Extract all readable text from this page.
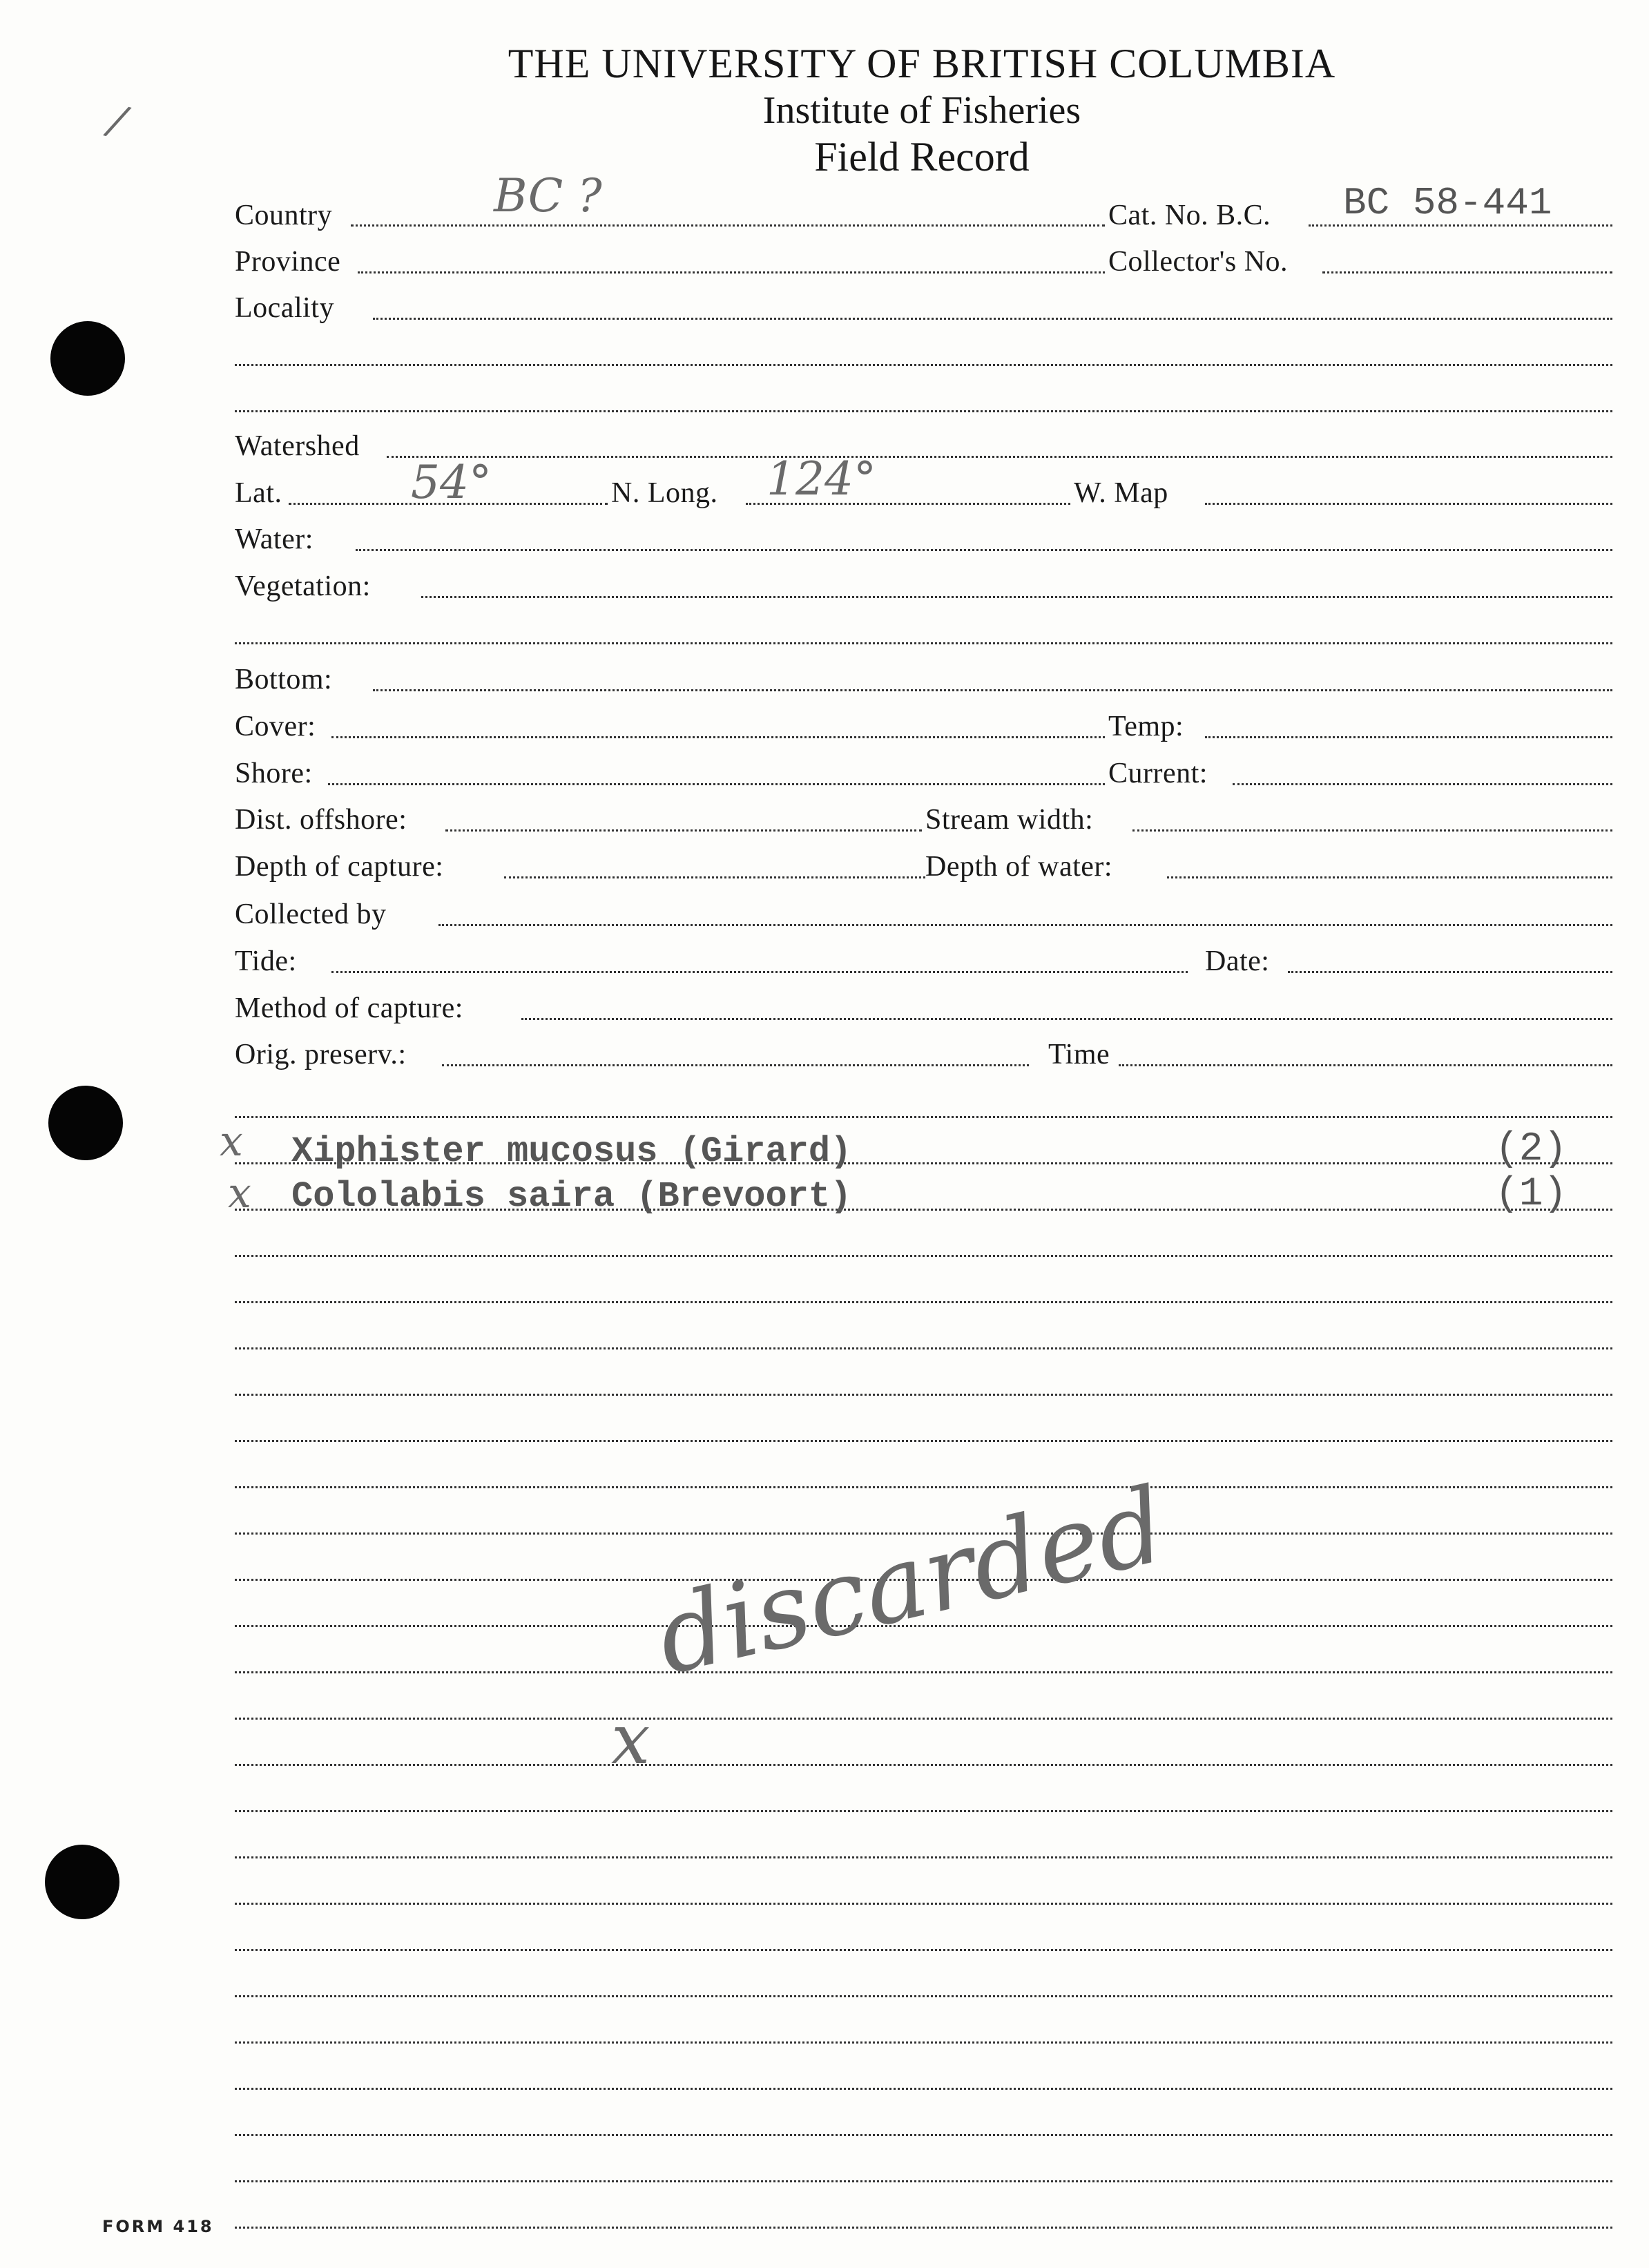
/
THE UNIVERSITY OF BRITISH COLUMBIA
Institute of Fisheries
Field Record
Country	BC ?	Cat. No. B.C. BC 58-441
Province	Collector's No.
Locality
Watershed
Lat.	54°	N. Long. 124°	W. Map
Water:
Vegetation:
Bottom:
Cover:	Temp:
Shore:	Current:
Dist. offshore:	Stream width:
Depth of capture:	Depth of water:
Collected by
Tide:	Date:
Method of capture:
Orig. preserv.:	Time
x Xiphister mucosus (Girard)	(2)
x Cololabis saira (Brevoort)	(1)
x
discarded
FORM 418
